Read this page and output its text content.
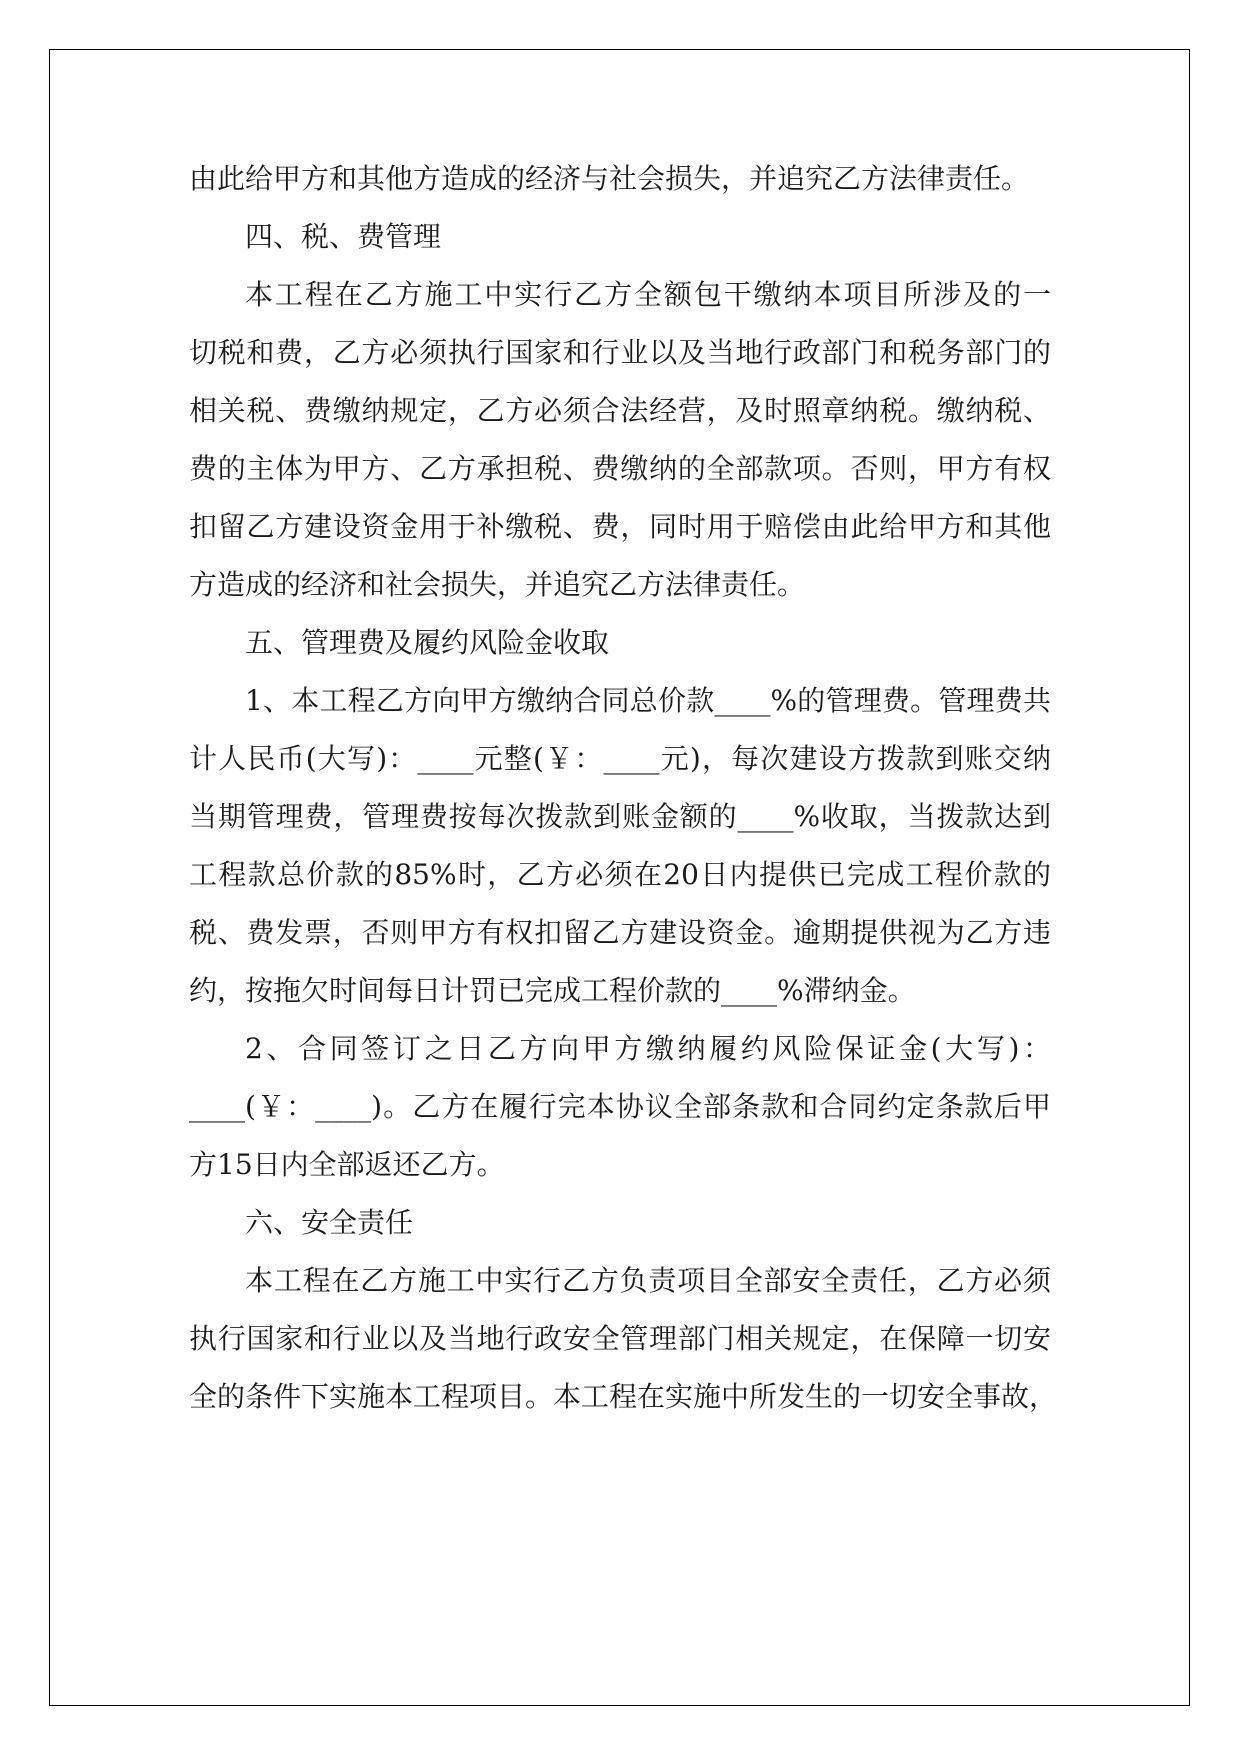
由此给甲方和其他方造成的经济与社会损失，并追究乙方法律责任。
四、税、费管理
本工程在乙方施工中实行乙方全额包干缴纳本项目所涉及的一
切税和费，乙方必须执行国家和行业以及当地行政部门和税务部门的
相关税、费缴纳规定，乙方必须合法经营，及时照章纳税。缴纳税、
费的主体为甲方、乙方承担税、费缴纳的全部款项。否则，甲方有权
扣留乙方建设资金用于补缴税、费，同时用于赔偿由此给甲方和其他
方造成的经济和社会损失，并追究乙方法律责任。
五、管理费及履约风险金收取
1、本工程乙方向甲方缴纳合同总价款____%的管理费。管理费共
计人民币(大写)：____元整(￥：____元)，每次建设方拨款到账交纳
当期管理费，管理费按每次拨款到账金额的____%收取，当拨款达到
工程款总价款的85%时，乙方必须在20日内提供已完成工程价款的
税、费发票，否则甲方有权扣留乙方建设资金。逾期提供视为乙方违
约，按拖欠时间每日计罚已完成工程价款的____%滞纳金。
2、合同签订之日乙方向甲方缴纳履约风险保证金(大写)：
____(￥：____)。乙方在履行完本协议全部条款和合同约定条款后甲
方15日内全部返还乙方。
六、安全责任
本工程在乙方施工中实行乙方负责项目全部安全责任，乙方必须
执行国家和行业以及当地行政安全管理部门相关规定，在保障一切安
全的条件下实施本工程项目。本工程在实施中所发生的一切安全事故，
